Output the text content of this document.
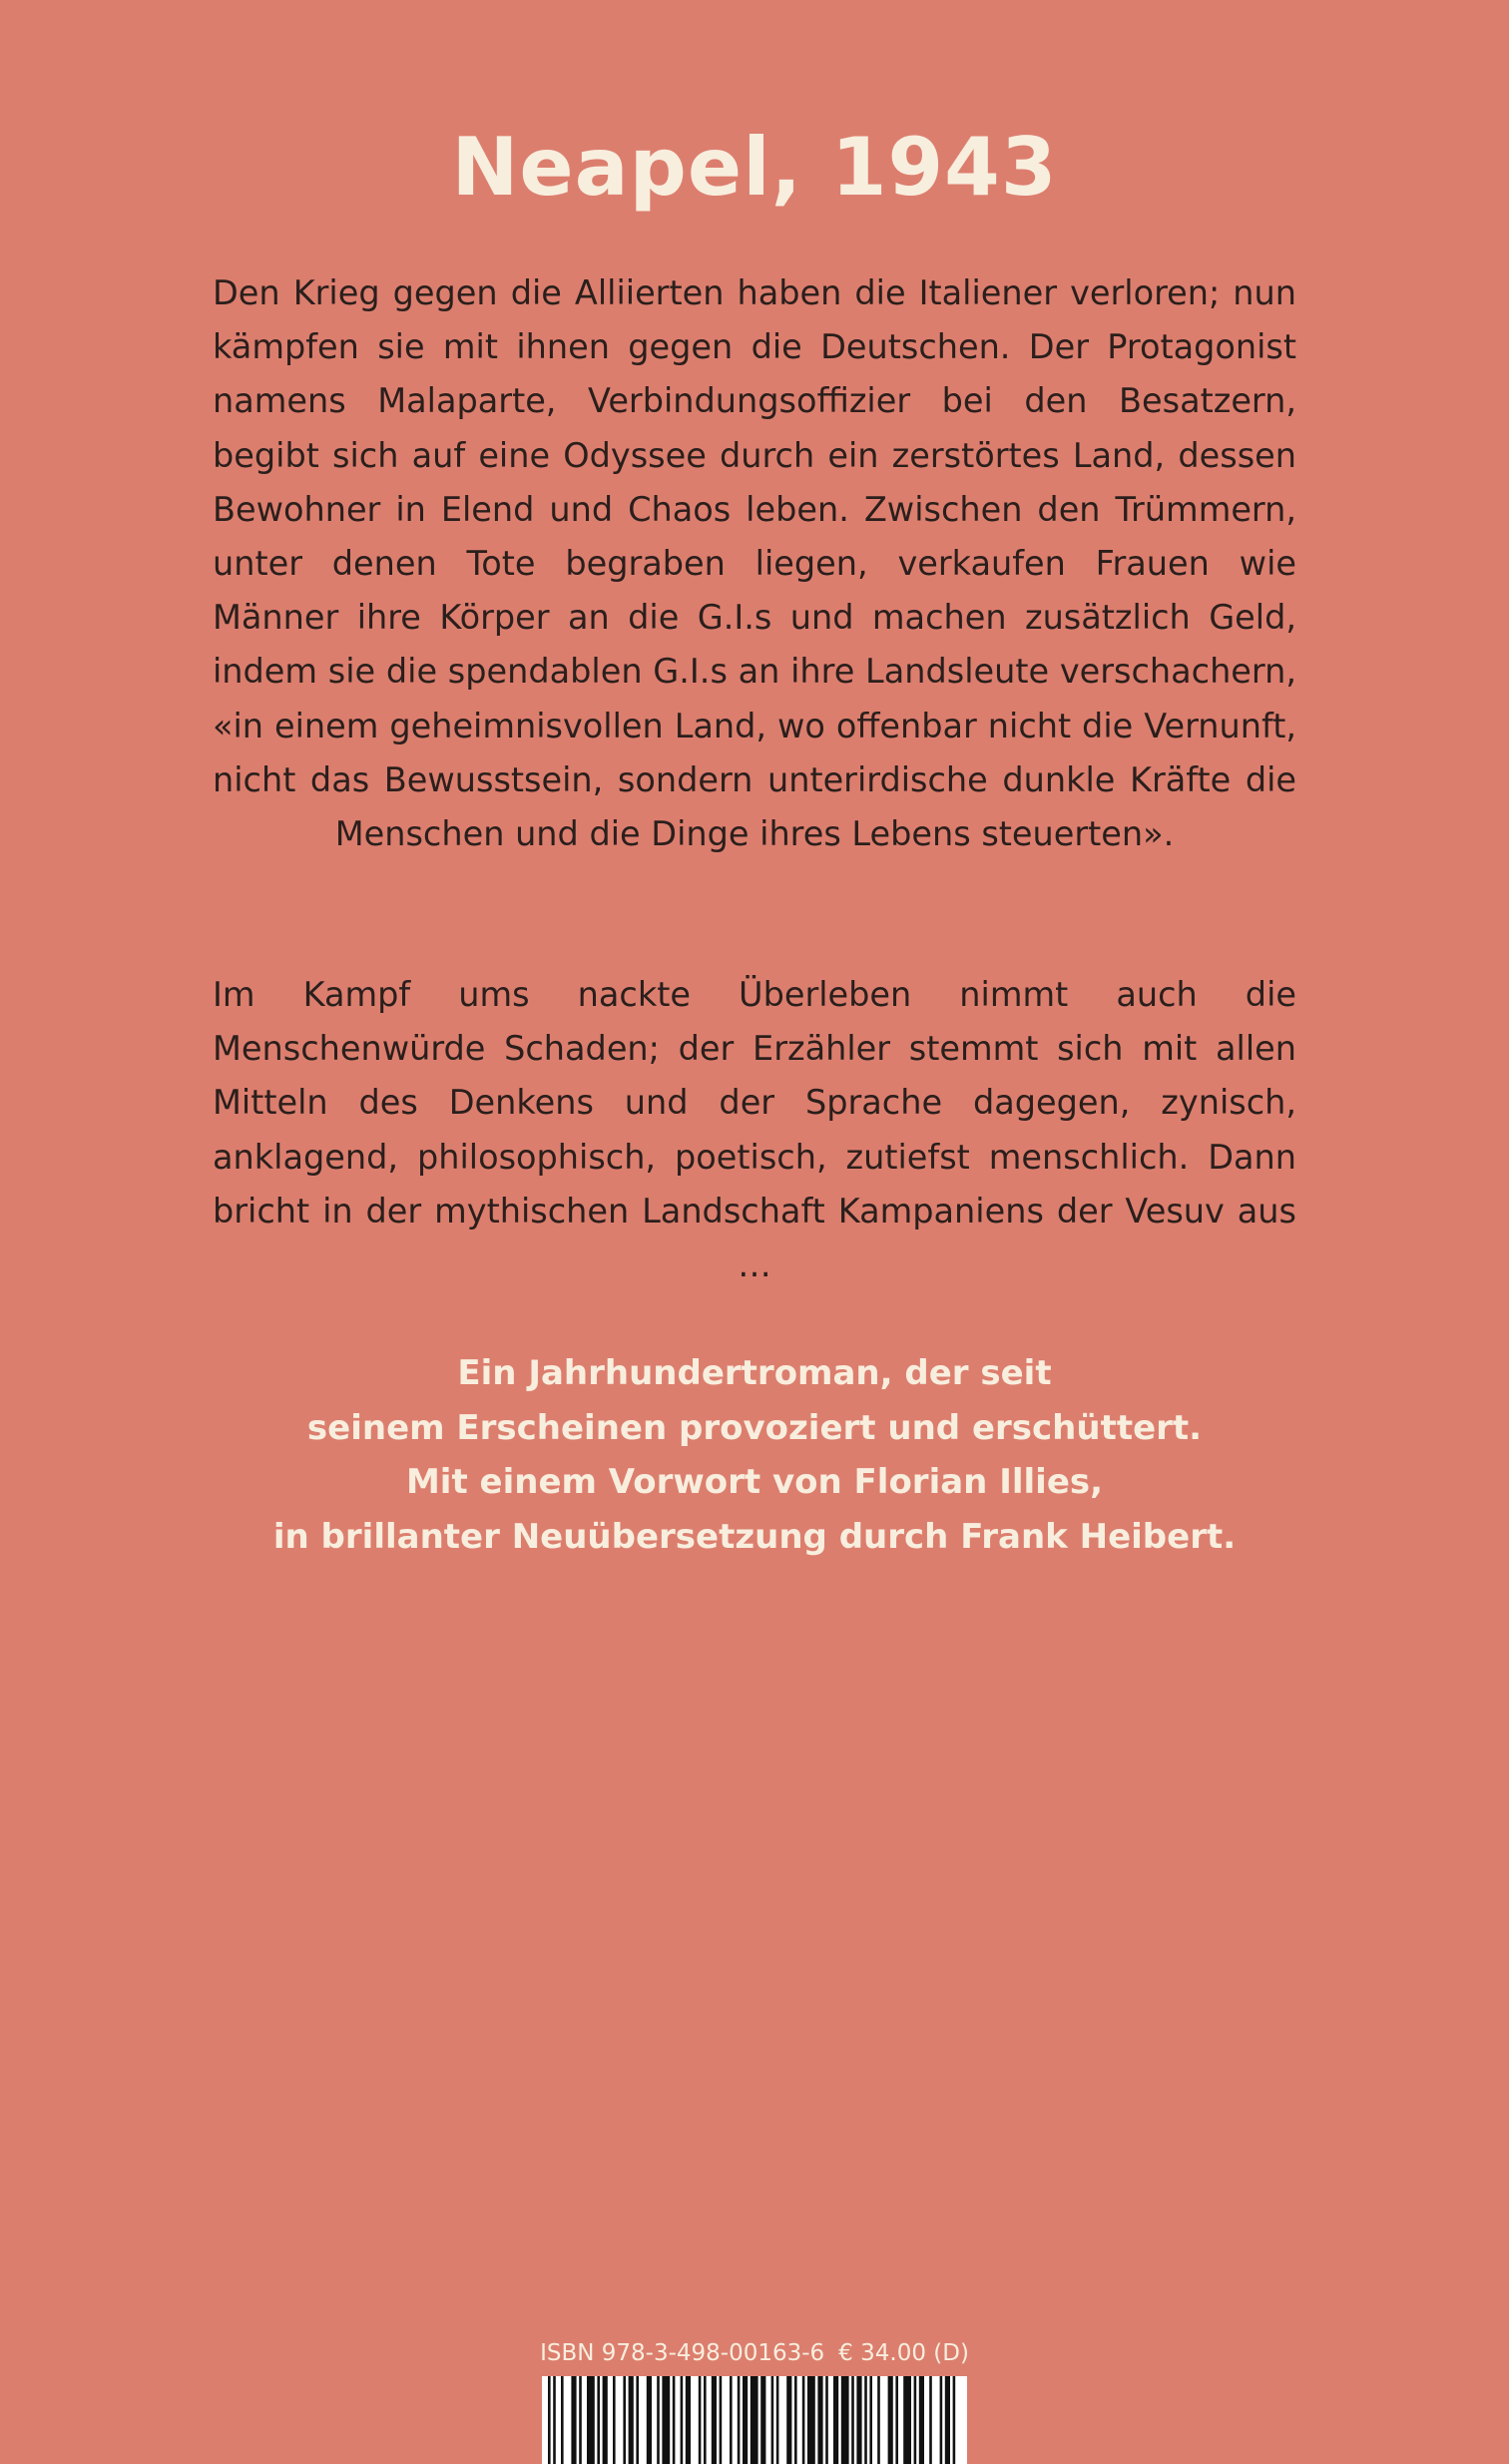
Neapel, 1943

Den Krieg gegen die Alliierten haben die Italiener verloren; nun kämpfen sie mit ihnen gegen die Deutschen. Der Protagonist namens Malaparte, Verbindungsoffizier bei den Besatzern, begibt sich auf eine Odyssee durch ein zerstörtes Land, dessen Bewohner in Elend und Chaos leben. Zwischen den Trümmern, unter denen Tote begraben liegen, verkaufen Frauen wie Männer ihre Körper an die G.I.s und machen zusätzlich Geld, indem sie die spendablen G.I.s an ihre Landsleute verschachern, «in einem geheimnisvollen Land, wo offenbar nicht die Vernunft, nicht das Bewusstsein, sondern unterirdische dunkle Kräfte die Menschen und die Dinge ihres Lebens steuerten».

Im Kampf ums nackte Überleben nimmt auch die Menschenwürde Schaden; der Erzähler stemmt sich mit allen Mitteln des Denkens und der Sprache dagegen, zynisch, anklagend, philosophisch, poetisch, zutiefst menschlich. Dann bricht in der mythischen Landschaft Kampaniens der Vesuv aus …

Ein Jahrhundertroman, der seit
seinem Erscheinen provoziert und erschüttert.
Mit einem Vorwort von Florian Illies,
in brillanter Neuübersetzung durch Frank Heibert.
ISBN 978-3-498-00163-6 € 34.00 (D)
